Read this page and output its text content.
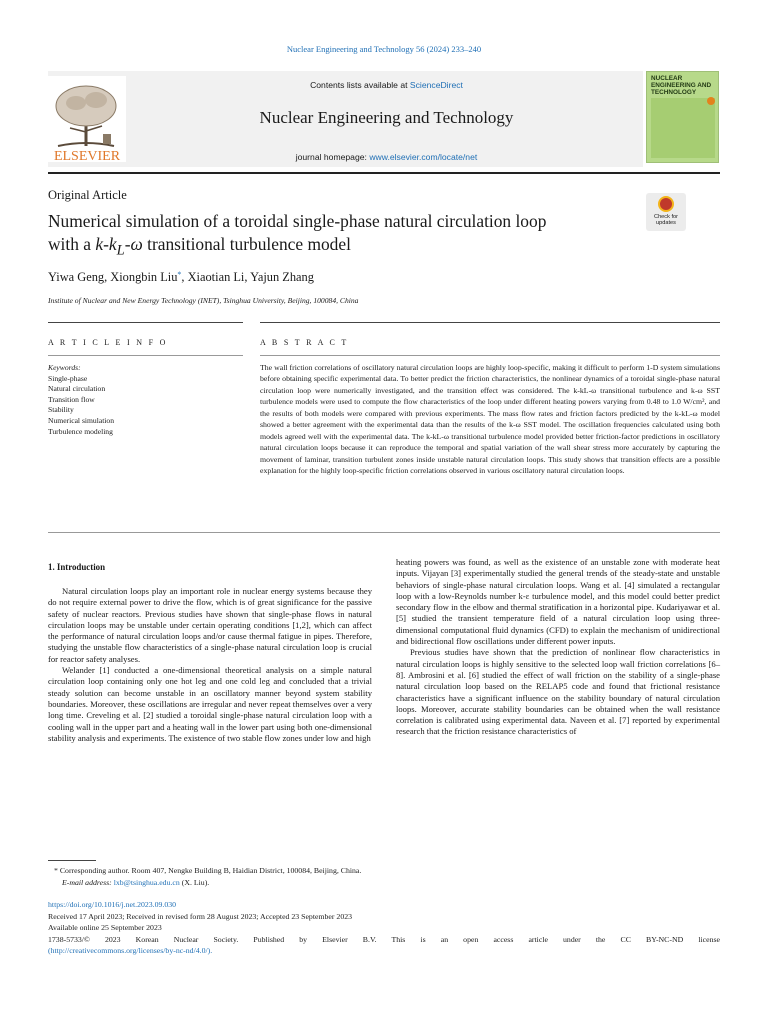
Nuclear Engineering and Technology 56 (2024) 233–240
ELSEVIER
Contents lists available at ScienceDirect
Nuclear Engineering and Technology
journal homepage: www.elsevier.com/locate/net
NUCLEAR ENGINEERING AND TECHNOLOGY
Original Article
Numerical simulation of a toroidal single-phase natural circulation loop
with a $k-k_L-\omega$ transitional turbulence model
Check for updates
Yiwa Geng, Xiongbin Liu*, Xiaotian Li, Yajun Zhang
Institute of Nuclear and New Energy Technology (INET), Tsinghua University, Beijing, 100084, China
A R T I C L E I N F O	A B S T R A C T
Keywords:
Single-phase
Natural circulation
Transition flow
Stability
Numerical simulation
Turbulence modeling
The wall friction correlations of oscillatory natural circulation loops are highly loop-specific, making it difficult to perform 1-D system simulations before obtaining specific experimental data. To better predict the friction characteristics, the nonlinear dynamics of a toroidal single-phase natural circulation loop were numerically investigated, and the transition effect was considered. The k-kL-ω transitional turbulence and k-ω SST turbulence models were used to compute the flow characteristics of the loop under different heating powers varying from 0.48 to 1.0 W/cm², and the results of both models were compared with previous experiments. The mass flow rates and friction factors predicted by the k-kL-ω model showed a better agreement with the experimental data than the results of the k-ω SST model. The oscillation frequencies calculated using both models agreed well with the experimental data. The k-kL-ω transitional turbulence model provided better friction-factor predictions in oscillatory natural circulation loops because it can reproduce the temporal and spatial variation of the wall shear stress more accurately by capturing the movement of laminar, transition turbulent zones inside unstable natural circulation loops. This study shows that transition effects are a possible explanation for the highly loop-specific friction correlations observed in various oscillatory natural circulation loops.
1. Introduction

Natural circulation loops play an important role in nuclear energy systems because they do not require external power to drive the flow, which is of great significance for the passive safety of nuclear reactors. Previous studies have shown that single-phase flows in natural circulation loops may be unstable under certain operating conditions [1,2], which can affect the performance of natural circulation loops and/or cause thermal fatigue in pipes. Therefore, studying the unstable flow characteristics of a single-phase natural circulation loop is crucial for reactor safety analyses.

Welander [1] conducted a one-dimensional theoretical analysis on a simple natural circulation loop containing only one hot leg and one cold leg and concluded that a trivial steady solution can become unstable in an oscillatory manner beyond system stability boundaries. Moreover, these oscillations are irregular and never repeat themselves over a very long time. Creveling et al. [2] studied a toroidal single-phase natural circulation loop with a cooling wall in the upper part and a heating wall in the lower part using both one-dimensional stability analysis and experiments. The existence of two stable flow zones under low and high

heating powers was found, as well as the existence of an unstable zone with moderate heat inputs. Vijayan [3] experimentally studied the general trends of the steady-state and unstable behaviors of single-phase natural circulation loops. Wang et al. [4] simulated a rectangular loop with a low-Reynolds number k-ε turbulence model, and this model could better predict secondary flow in the elbow and thermal stratification in a horizontal pipe. Kudariyawar et al. [5] studied the transient temperature field of a natural circulation loop using three-dimensional computational fluid dynamics (CFD) to explain the mechanism of unidirectional and bidirectional flow oscillations under different power inputs.

Previous studies have shown that the prediction of nonlinear flow characteristics in natural circulation loops is highly sensitive to the selected loop wall friction correlations [6–8]. Ambrosini et al. [6] studied the effect of wall friction on the stability of a single-phase natural circulation loop based on the RELAP5 code and found that frictional resistance characteristics have a significant influence on the stability boundary of natural circulation loops. Moreover, accurate stability boundaries can be obtained when the wall resistance correlation is calibrated using experimental data. Naveen et al. [7] reported by experimental research that the friction resistance characteristics of

* Corresponding author. Room 407, Nengke Building B, Haidian District, 100084, Beijing, China.
E-mail address: lxb@tsinghua.edu.cn (X. Liu).
https://doi.org/10.1016/j.net.2023.09.030
Received 17 April 2023; Received in revised form 28 August 2023; Accepted 23 September 2023
Available online 25 September 2023
1738-5733/© 2023 Korean Nuclear Society. Published by Elsevier B.V. This is an open access article under the CC BY-NC-ND license
(http://creativecommons.org/licenses/by-nc-nd/4.0/).
